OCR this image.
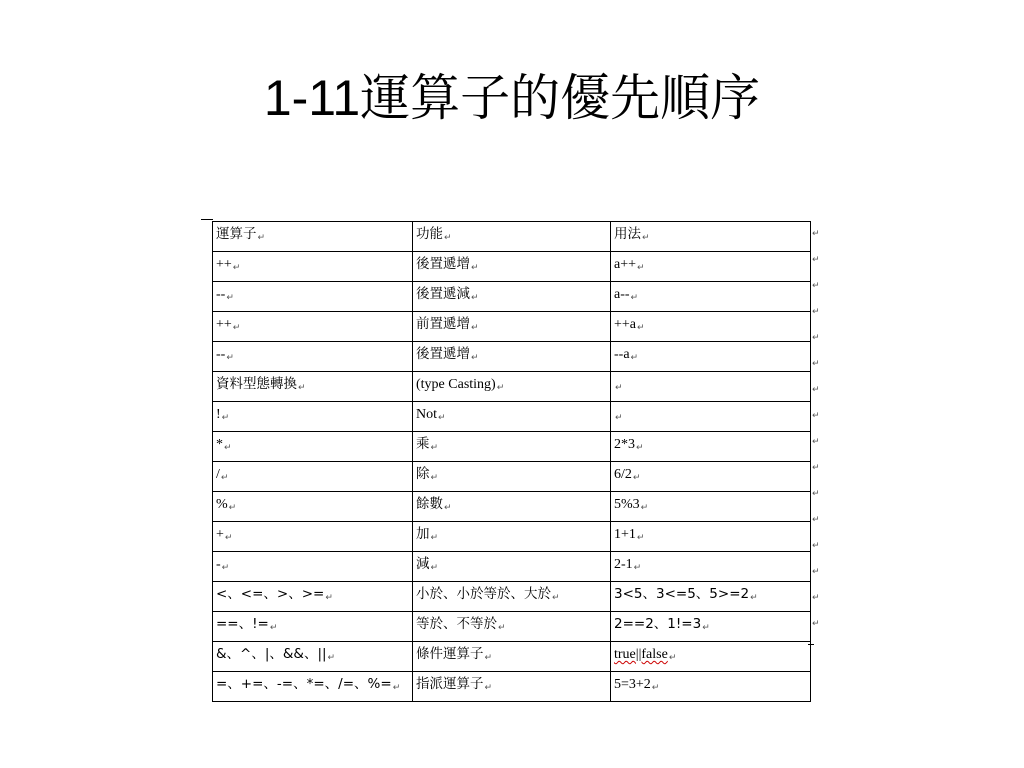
1-11運算子的優先順序
運算子↵	功能↵	用法↵
++↵	後置遞增↵	a++↵
--↵	後置遞減↵	a--↵
++↵	前置遞增↵	++a↵
--↵	後置遞增↵	--a↵
資料型態轉換↵	(type Casting)↵	↵
!↵	Not↵	↵
*↵	乘↵	2*3↵
/↵	除↵	6/2↵
%↵	餘數↵	5%3↵
+↵	加↵	1+1↵
-↵	減↵	2-1↵
<、<=、>、>=↵	小於、小於等於、大於↵	3<5、3<=5、5>=2↵
==、!=↵	等於、不等於↵	2==2、1!=3↵
&、^、|、&&、||↵	條件運算子↵	true||false↵
=、+=、-=、*=、/=、%=↵	指派運算子↵	5=3+2↵
↵
↵
↵
↵
↵
↵
↵
↵
↵
↵
↵
↵
↵
↵
↵
↵
